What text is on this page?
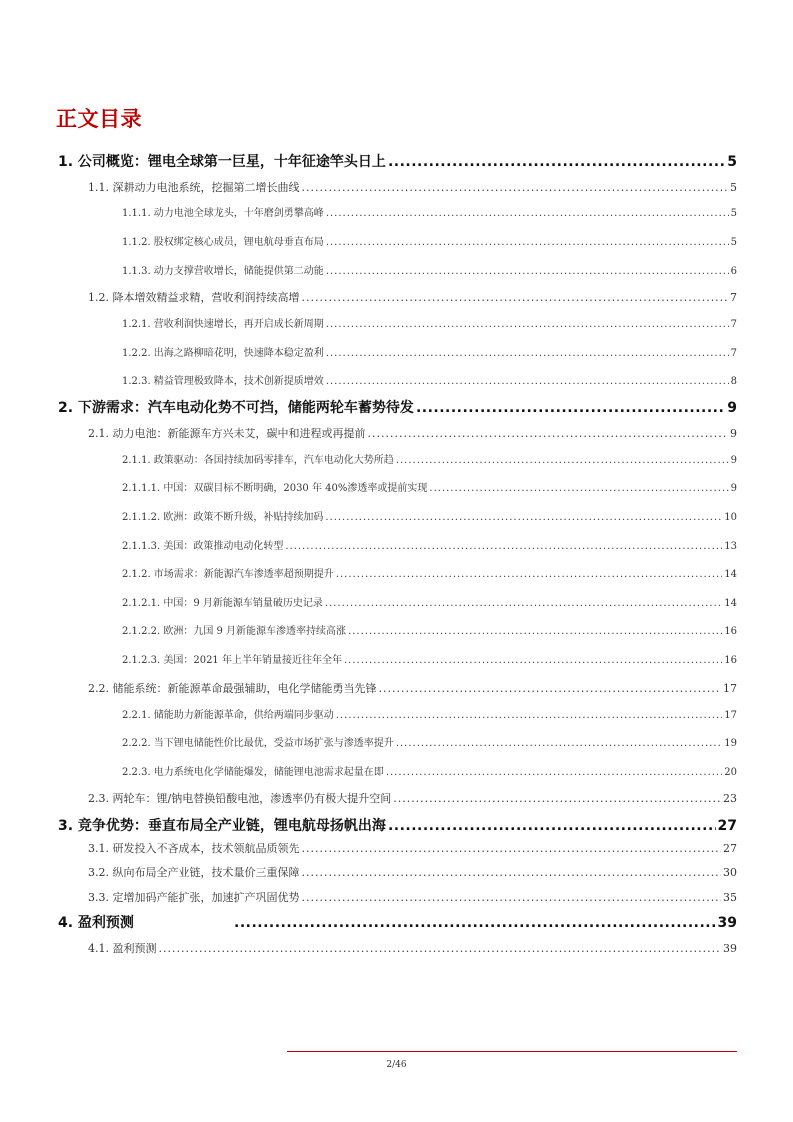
正文目录
1. 公司概览：锂电全球第一巨星，十年征途竿头日上 .....	5
1.1. 深耕动力电池系统，挖掘第二增长曲线 .....	5
1.1.1. 动力电池全球龙头，十年磨剑勇攀高峰 .....	5
1.1.2. 股权绑定核心成员，锂电航母垂直布局 .....	5
1.1.3. 动力支撑营收增长，储能提供第二动能 .....	6
1.2. 降本增效精益求精，营收利润持续高增 .....	7
1.2.1. 营收利润快速增长，再开启成长新周期 .....	7
1.2.2. 出海之路柳暗花明，快速降本稳定盈利 .....	7
1.2.3. 精益管理极致降本，技术创新提质增效 .....	8
2. 下游需求：汽车电动化势不可挡，储能两轮车蓄势待发 .....	9
2.1. 动力电池：新能源车方兴未艾，碳中和进程或再提前 .....	9
2.1.1. 政策驱动：各国持续加码零排车，汽车电动化大势所趋 .....	9
2.1.1.1. 中国：双碳目标不断明确，2030 年 40%渗透率或提前实现 .....	9
2.1.1.2. 欧洲：政策不断升级，补贴持续加码 .....	10
2.1.1.3. 美国：政策推动电动化转型 .....	13
2.1.2. 市场需求：新能源汽车渗透率超预期提升 .....	14
2.1.2.1. 中国：9 月新能源车销量破历史记录 .....	14
2.1.2.2. 欧洲：九国 9 月新能源车渗透率持续高涨 .....	16
2.1.2.3. 美国：2021 年上半年销量接近往年全年 .....	16
2.2. 储能系统：新能源革命最强辅助，电化学储能勇当先锋 .....	17
2.2.1. 储能助力新能源革命，供给两端同步驱动 .....	17
2.2.2. 当下锂电储能性价比最优，受益市场扩张与渗透率提升 .....	19
2.2.3. 电力系统电化学储能爆发，储能锂电池需求起量在即 .....	20
2.3. 两轮车：锂/钠电替换铅酸电池，渗透率仍有极大提升空间 .....	23
3. 竞争优势：垂直布局全产业链，锂电航母扬帆出海 .....	27
3.1. 研发投入不吝成本，技术领航品质领先 .....	27
3.2. 纵向布局全产业链，技术量价三重保障 .....	30
3.3. 定增加码产能扩张，加速扩产巩固优势 .....	35
4. 盈利预测 .....	39
4.1. 盈利预测 .....	39
2/46
